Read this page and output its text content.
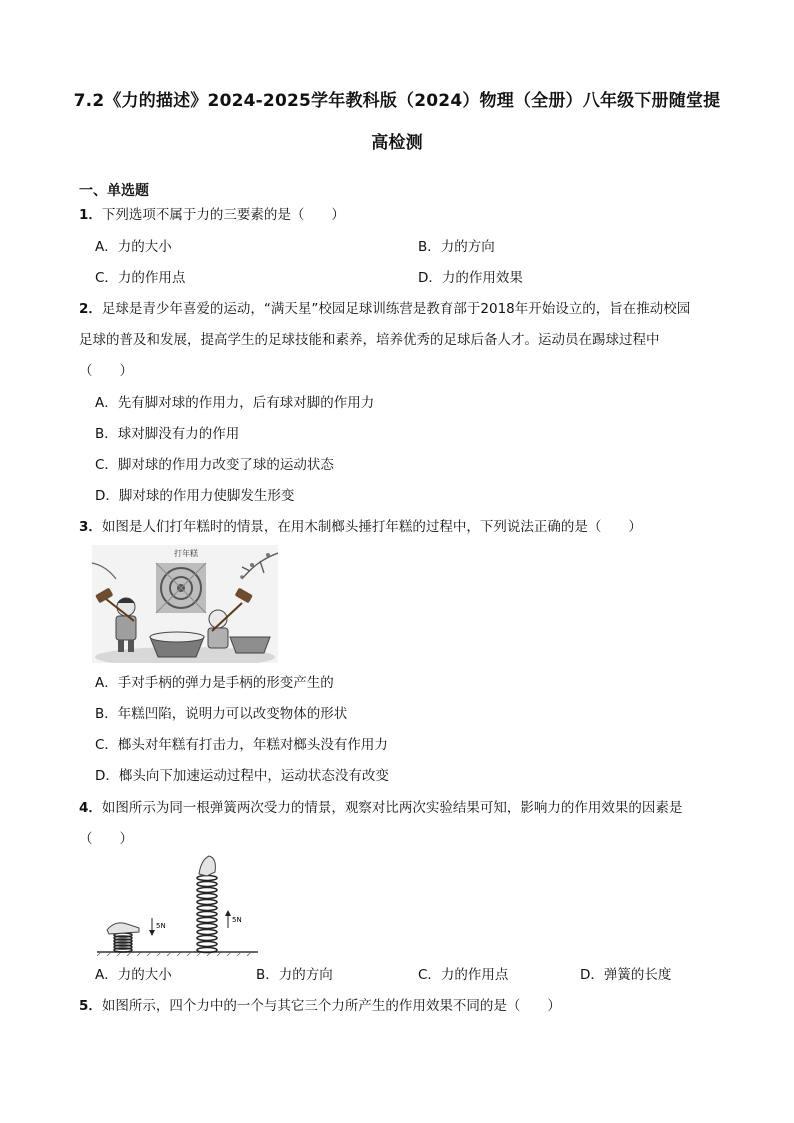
7.2《力的描述》2024-2025学年教科版（2024）物理（全册）八年级下册随堂提
高检测
一、单选题
1．下列选项不属于力的三要素的是（　　）
A．力的大小	B．力的方向
C．力的作用点	D．力的作用效果
2．足球是青少年喜爱的运动，“满天星”校园足球训练营是教育部于2018年开始设立的，旨在推动校园
足球的普及和发展，提高学生的足球技能和素养，培养优秀的足球后备人才。运动员在踢球过程中
（　　）
A．先有脚对球的作用力，后有球对脚的作用力
B．球对脚没有力的作用
C．脚对球的作用力改变了球的运动状态
D．脚对球的作用力使脚发生形变
3．如图是人们打年糕时的情景，在用木制榔头捶打年糕的过程中，下列说法正确的是（　　）
打年糕
A．手对手柄的弹力是手柄的形变产生的
B．年糕凹陷，说明力可以改变物体的形状
C．榔头对年糕有打击力，年糕对榔头没有作用力
D．榔头向下加速运动过程中，运动状态没有改变
4．如图所示为同一根弹簧两次受力的情景，观察对比两次实验结果可知，影响力的作用效果的因素是
（　　）
5N
5N
A．力的大小	B．力的方向	C．力的作用点	D．弹簧的长度
5．如图所示，四个力中的一个与其它三个力所产生的作用效果不同的是（　　）
